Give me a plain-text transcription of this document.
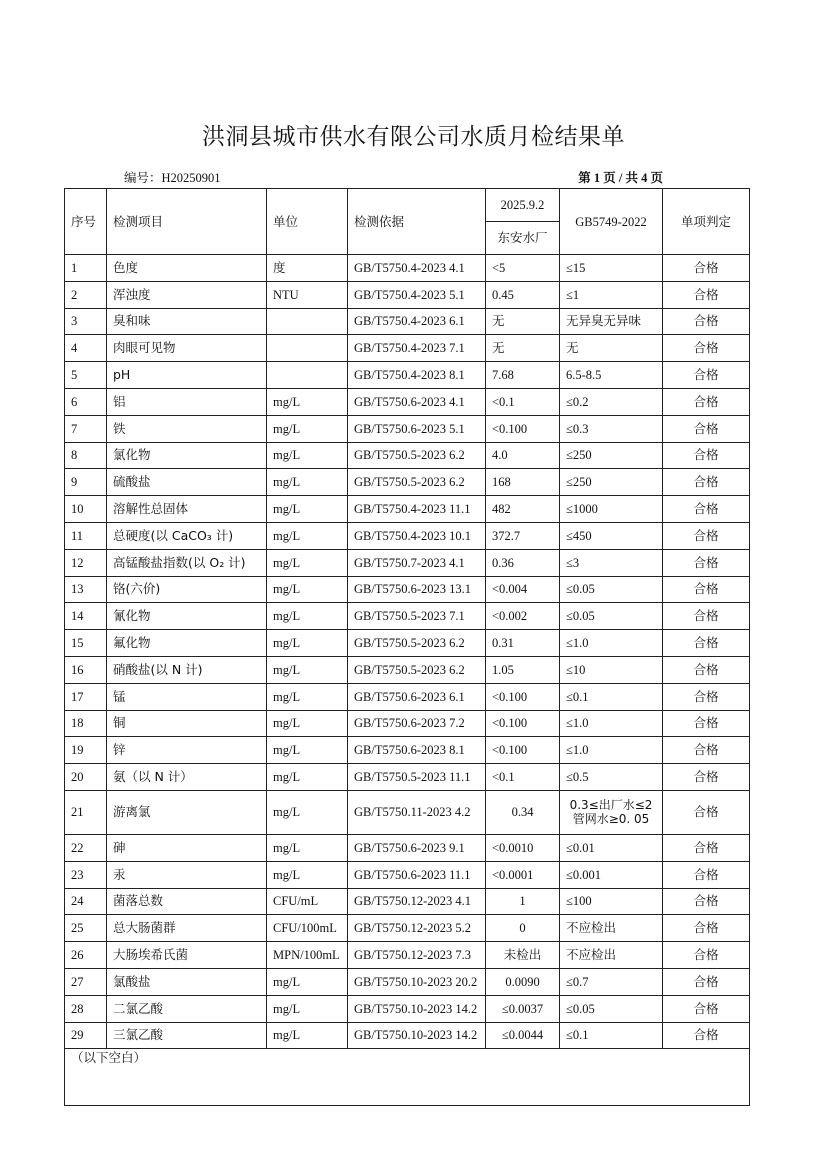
洪洞县城市供水有限公司水质月检结果单
编号：H20250901	第 1 页 / 共 4 页
序号	检测项目	单位	检测依据	2025.9.2	GB5749-2022	单项判定
				东安水厂		
1	色度	度	GB/T5750.4-2023 4.1	<5	≤15	合格
2	浑浊度	NTU	GB/T5750.4-2023 5.1	0.45	≤1	合格
3	臭和味		GB/T5750.4-2023 6.1	无	无异臭无异味	合格
4	肉眼可见物		GB/T5750.4-2023 7.1	无	无	合格
5	pH		GB/T5750.4-2023 8.1	7.68	6.5-8.5	合格
6	铝	mg/L	GB/T5750.6-2023 4.1	<0.1	≤0.2	合格
7	铁	mg/L	GB/T5750.6-2023 5.1	<0.100	≤0.3	合格
8	氯化物	mg/L	GB/T5750.5-2023 6.2	4.0	≤250	合格
9	硫酸盐	mg/L	GB/T5750.5-2023 6.2	168	≤250	合格
10	溶解性总固体	mg/L	GB/T5750.4-2023 11.1	482	≤1000	合格
11	总硬度(以 CaCO₃ 计)	mg/L	GB/T5750.4-2023 10.1	372.7	≤450	合格
12	高锰酸盐指数(以 O₂ 计)	mg/L	GB/T5750.7-2023 4.1	0.36	≤3	合格
13	铬(六价)	mg/L	GB/T5750.6-2023 13.1	<0.004	≤0.05	合格
14	氰化物	mg/L	GB/T5750.5-2023 7.1	<0.002	≤0.05	合格
15	氟化物	mg/L	GB/T5750.5-2023 6.2	0.31	≤1.0	合格
16	硝酸盐(以 N 计)	mg/L	GB/T5750.5-2023 6.2	1.05	≤10	合格
17	锰	mg/L	GB/T5750.6-2023 6.1	<0.100	≤0.1	合格
18	铜	mg/L	GB/T5750.6-2023 7.2	<0.100	≤1.0	合格
19	锌	mg/L	GB/T5750.6-2023 8.1	<0.100	≤1.0	合格
20	氨（以 N 计）	mg/L	GB/T5750.5-2023 11.1	<0.1	≤0.5	合格
21	游离氯	mg/L	GB/T5750.11-2023 4.2	0.34	0.3≤出厂水≤2
管网水≥0. 05	合格
22	砷	mg/L	GB/T5750.6-2023 9.1	<0.0010	≤0.01	合格
23	汞	mg/L	GB/T5750.6-2023 11.1	<0.0001	≤0.001	合格
24	菌落总数	CFU/mL	GB/T5750.12-2023 4.1	1	≤100	合格
25	总大肠菌群	CFU/100mL	GB/T5750.12-2023 5.2	0	不应检出	合格
26	大肠埃希氏菌	MPN/100mL	GB/T5750.12-2023 7.3	未检出	不应检出	合格
27	氯酸盐	mg/L	GB/T5750.10-2023 20.2	0.0090	≤0.7	合格
28	二氯乙酸	mg/L	GB/T5750.10-2023 14.2	≤0.0037	≤0.05	合格
29	三氯乙酸	mg/L	GB/T5750.10-2023 14.2	≤0.0044	≤0.1	合格
（以下空白）						
